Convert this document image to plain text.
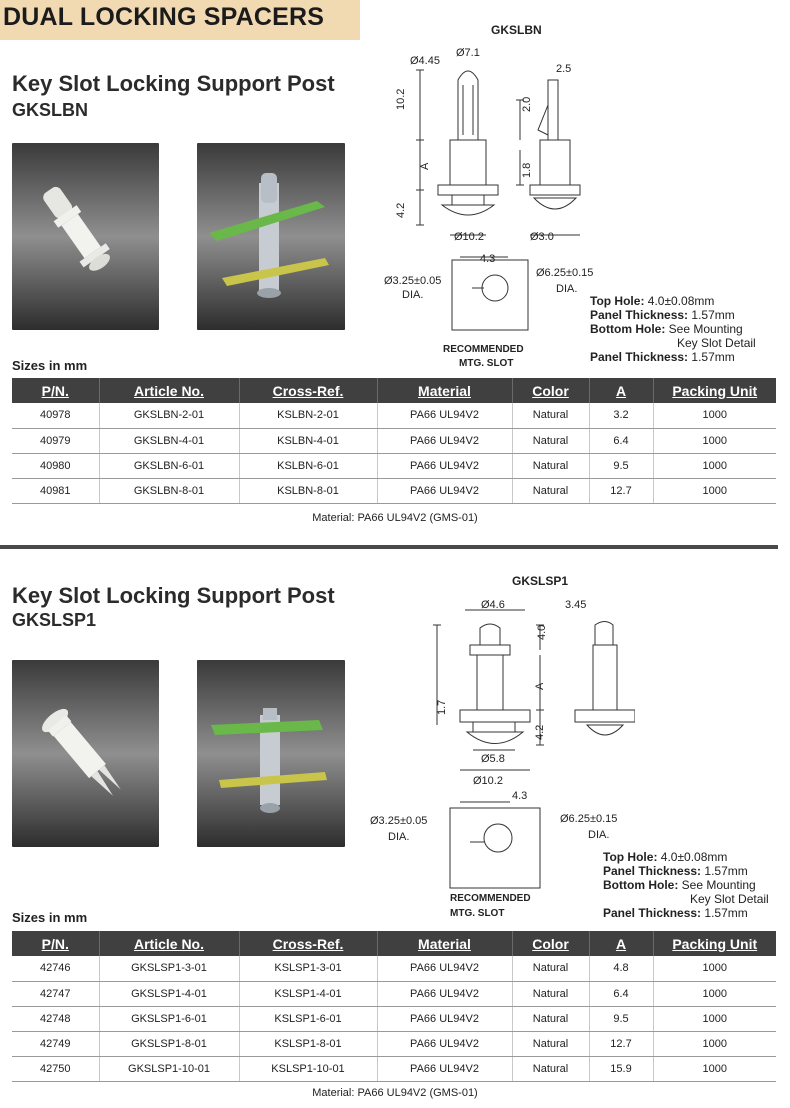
DUAL LOCKING SPACERS
Key Slot Locking Support Post
GKSLBN
GKSLBN
Ø4.45
Ø7.1
2.5
10.2	2.0
A	1.8
4.2
Ø10.2	Ø3.0
4.3
Ø3.25±0.05
DIA.
Ø6.25±0.15
DIA.
RECOMMENDED
MTG. SLOT
Top Hole: 4.0±0.08mm
Panel Thickness: 1.57mm
Bottom Hole: See Mounting
Key Slot Detail
Panel Thickness: 1.57mm
Sizes in mm
P/N.	Article No.	Cross-Ref.	Material	Color	A	Packing Unit
40978	GKSLBN-2-01	KSLBN-2-01	PA66 UL94V2	Natural	3.2	1000
40979	GKSLBN-4-01	KSLBN-4-01	PA66 UL94V2	Natural	6.4	1000
40980	GKSLBN-6-01	KSLBN-6-01	PA66 UL94V2	Natural	9.5	1000
40981	GKSLBN-8-01	KSLBN-8-01	PA66 UL94V2	Natural	12.7	1000
Material: PA66 UL94V2 (GMS-01)
Key Slot Locking Support Post
GKSLSP1
GKSLSP1
Ø4.6
4.0
3.45
1.7
A
4.2
Ø5.8
Ø10.2
4.3
Ø3.25±0.05
DIA.
Ø6.25±0.15
DIA.
RECOMMENDED
MTG. SLOT
Top Hole: 4.0±0.08mm
Panel Thickness: 1.57mm
Bottom Hole: See Mounting
Key Slot Detail
Panel Thickness: 1.57mm
Sizes in mm
P/N.	Article No.	Cross-Ref.	Material	Color	A	Packing Unit
42746	GKSLSP1-3-01	KSLSP1-3-01	PA66 UL94V2	Natural	4.8	1000
42747	GKSLSP1-4-01	KSLSP1-4-01	PA66 UL94V2	Natural	6.4	1000
42748	GKSLSP1-6-01	KSLSP1-6-01	PA66 UL94V2	Natural	9.5	1000
42749	GKSLSP1-8-01	KSLSP1-8-01	PA66 UL94V2	Natural	12.7	1000
42750	GKSLSP1-10-01	KSLSP1-10-01	PA66 UL94V2	Natural	15.9	1000
Material: PA66 UL94V2 (GMS-01)
